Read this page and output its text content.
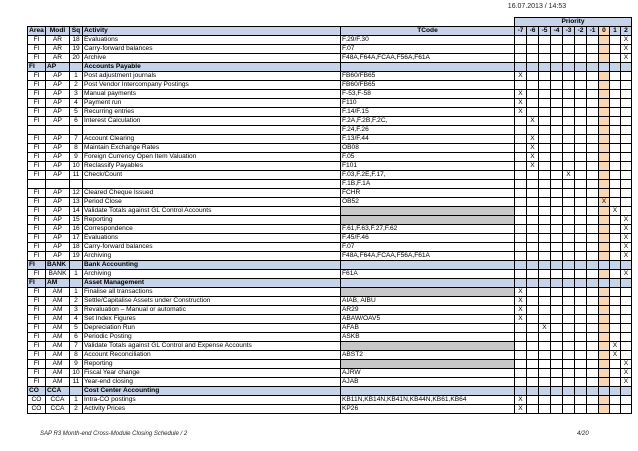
16.07.2013 / 14:53
					Priority									
Area	Modl	Sq	Activity	TCode	-7	-6	-5	-4	-3	-2	-1	0	1	2
FI	AR	18	Evaluations	F.29/F.30										X
FI	AR	19	Carry-forward balances	F.07										X
FI	AR	20	Archive	F48A,F64A,FCAA,F56A,F61A										X
FI	AP		Accounts Payable											
FI	AP	1	Post adjustment journals	FB60/FB65	X									
FI	AP	2	Post Vendor Intercompany Postings	FB60/FB65										
FI	AP	3	Manual payments	F-53,F-58	X									
FI	AP	4	Payment run	F110	X									
FI	AP	5	Recurring entries	F.14/F.15	X									
FI	AP	6	Interest Calculation	F.2A,F.2B,F.2C,		X								
				F.24,F.26										
FI	AP	7	Account Clearing	F.13/F.44		X								
FI	AP	8	Maintain Exchange Rates	OB08		X								
FI	AP	9	Foreign Currency Open Item Valuation	F.05		X								
FI	AP	10	Reclassify Payables	F101		X								
FI	AP	11	Check/Count	F.03,F.2E,F.17,					X					
				F.1B,F.1A										
FI	AP	12	Cleared Cheque Issued	FCHR										
FI	AP	13	Period Close	OB52								X		
FI	AP	14	Validate Totals against GL Control Accounts										X	
FI	AP	15	Reporting											X
FI	AP	16	Correspondence	F.61,F.63,F.27,F.62										X
FI	AP	17	Evaluations	F.45/F.46										X
FI	AP	18	Carry-forward balances	F.07										X
FI	AP	19	Archiving	F48A,F64A,FCAA,F56A,F61A										X
FI	BANK		Bank Accounting											
FI	BANK	1	Archiving	F61A										X
FI	AM		Asset Management											
FI	AM	1	Finalise all transactions		X									
FI	AM	2	Settle/Capitalise Assets under Construction	AIAB, AIBU	X									
FI	AM	3	Revaluation – Manual or automatic	AR29	X									
FI	AM	4	Set Index Figures	ABAW/OAV5	X									
FI	AM	5	Depreciation Run	AFAB			X							
FI	AM	6	Periodic Posting	ASKB										
FI	AM	7	Validate Totals against GL Control and Expense Accounts										X	
FI	AM	8	Account Reconciliation	ABST2									X	
FI	AM	9	Reporting											X
FI	AM	10	Fiscal Year change	AJRW										X
FI	AM	11	Year-end closing	AJAB										X
CO	CCA		Cost Center Accounting											
CO	CCA	1	Intra-CO postings	KB11N,KB14N,KB41N,KB44N,KB61,KB64	X									
CO	CCA	2	Activity Prices	KP26	X									
SAP R3 Month-end Cross-Module Closing Schedule / 2	4/20
